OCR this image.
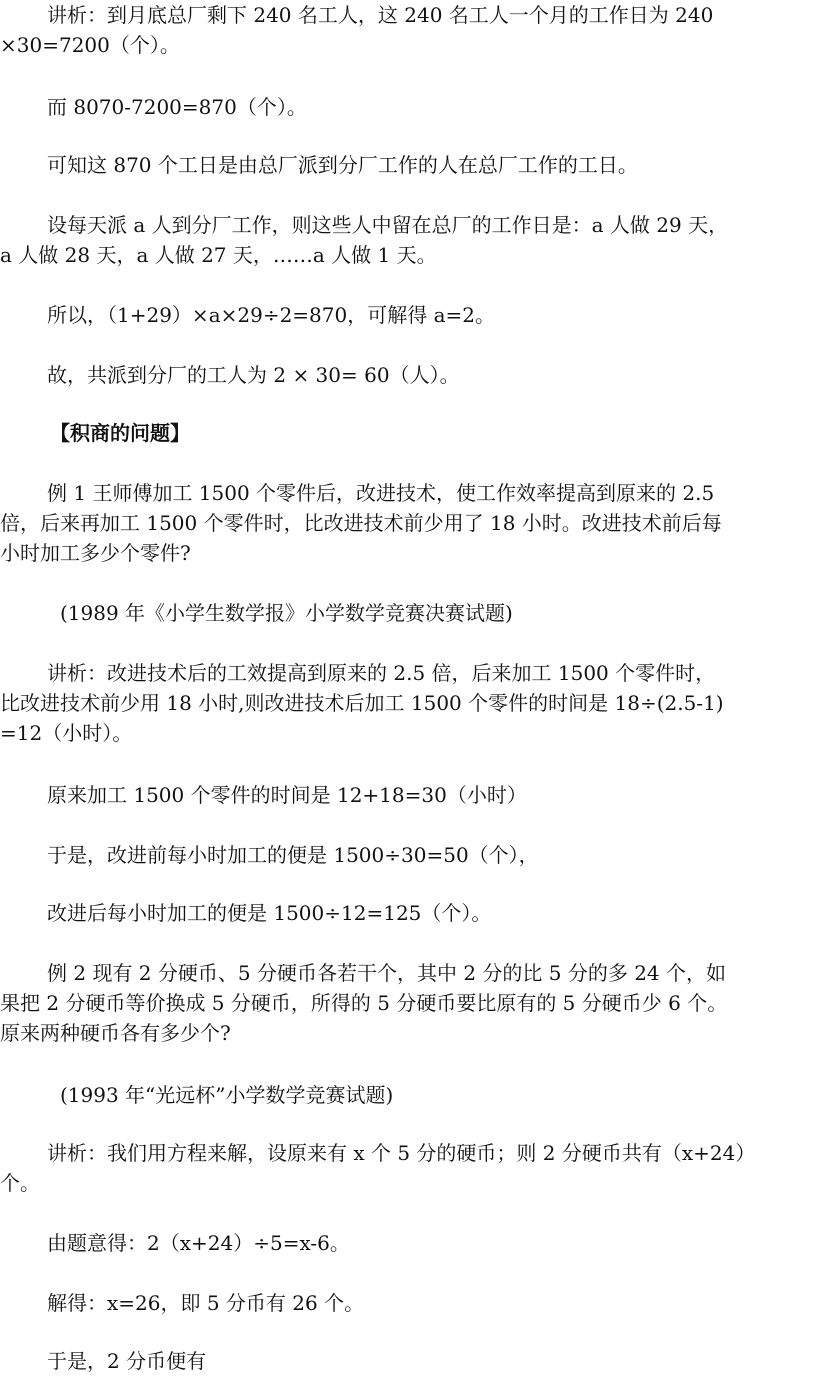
讲析：到月底总厂剩下 240 名工人，这 240 名工人一个月的工作日为 240
×30=7200（个）。
而 8070-7200=870（个）。
可知这 870 个工日是由总厂派到分厂工作的人在总厂工作的工日。
设每天派 a 人到分厂工作，则这些人中留在总厂的工作日是：a 人做 29 天，
a 人做 28 天，a 人做 27 天，……a 人做 1 天。
所以，（1+29）×a×29÷2=870，可解得 a=2。
故，共派到分厂的工人为 2 × 30= 60（人）。
【积商的问题】
例 1 王师傅加工 1500 个零件后，改进技术，使工作效率提高到原来的 2.5
倍，后来再加工 1500 个零件时，比改进技术前少用了 18 小时。改进技术前后每
小时加工多少个零件?
(1989 年《小学生数学报》小学数学竞赛决赛试题)
讲析：改进技术后的工效提高到原来的 2.5 倍，后来加工 1500 个零件时，
比改进技术前少用 18 小时,则改进技术后加工 1500 个零件的时间是 18÷(2.5-1)
=12（小时）。
原来加工 1500 个零件的时间是 12+18=30（小时）
于是，改进前每小时加工的便是 1500÷30=50（个），
改进后每小时加工的便是 1500÷12=125（个）。
例 2 现有 2 分硬币、5 分硬币各若干个，其中 2 分的比 5 分的多 24 个，如
果把 2 分硬币等价换成 5 分硬币，所得的 5 分硬币要比原有的 5 分硬币少 6 个。
原来两种硬币各有多少个?
(1993 年“光远杯”小学数学竞赛试题)
讲析：我们用方程来解，设原来有 x 个 5 分的硬币；则 2 分硬币共有（x+24）
个。
由题意得：2（x+24）÷5=x-6。
解得：x=26，即 5 分币有 26 个。
于是，2 分币便有
